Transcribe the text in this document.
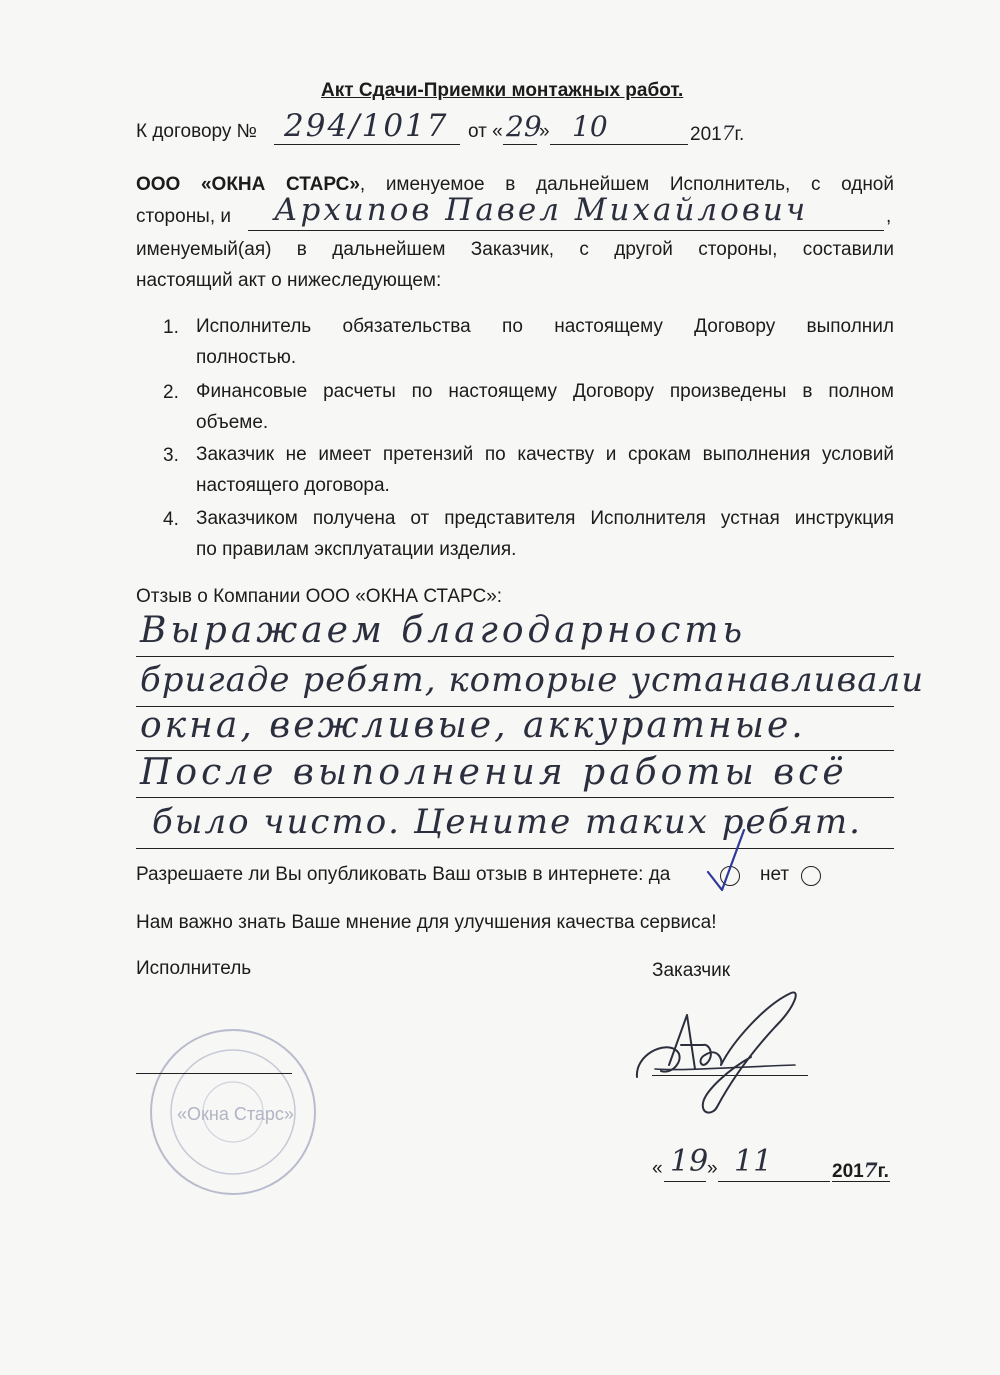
Акт Сдачи-Приемки монтажных работ.
К договору № 294/1017 от « 29
» 10	2017г.
ООО «ОКНА СТАРС», именуемое в дальнейшем Исполнитель, с одной
стороны, и Архипов Павел Михайлович	,
именуемый(ая) в дальнейшем Заказчик, с другой стороны, составили
настоящий акт о нижеследующем:
1. Исполнитель обязательства по настоящему Договору выполнил
полностью.
2. Финансовые расчеты по настоящему Договору произведены в полном
объеме.
3. Заказчик не имеет претензий по качеству и срокам выполнения условий
настоящего договора.
4. Заказчиком получена от представителя Исполнителя устная инструкция
по правилам эксплуатации изделия.
Отзыв о Компании ООО «ОКНА СТАРС»:
Выражаем благодарность
бригаде ребят, которые устанавливали
окна, вежливые, аккуратные.
После выполнения работы всё
было чисто. Цените таких ребят.
Разрешаете ли Вы опубликовать Ваш отзыв в интернете: да	нет
Нам важно знать Ваше мнение для улучшения качества сервиса!
Исполнитель	Заказчик
«Окна Старс»
« 19
» 11	2017г.
